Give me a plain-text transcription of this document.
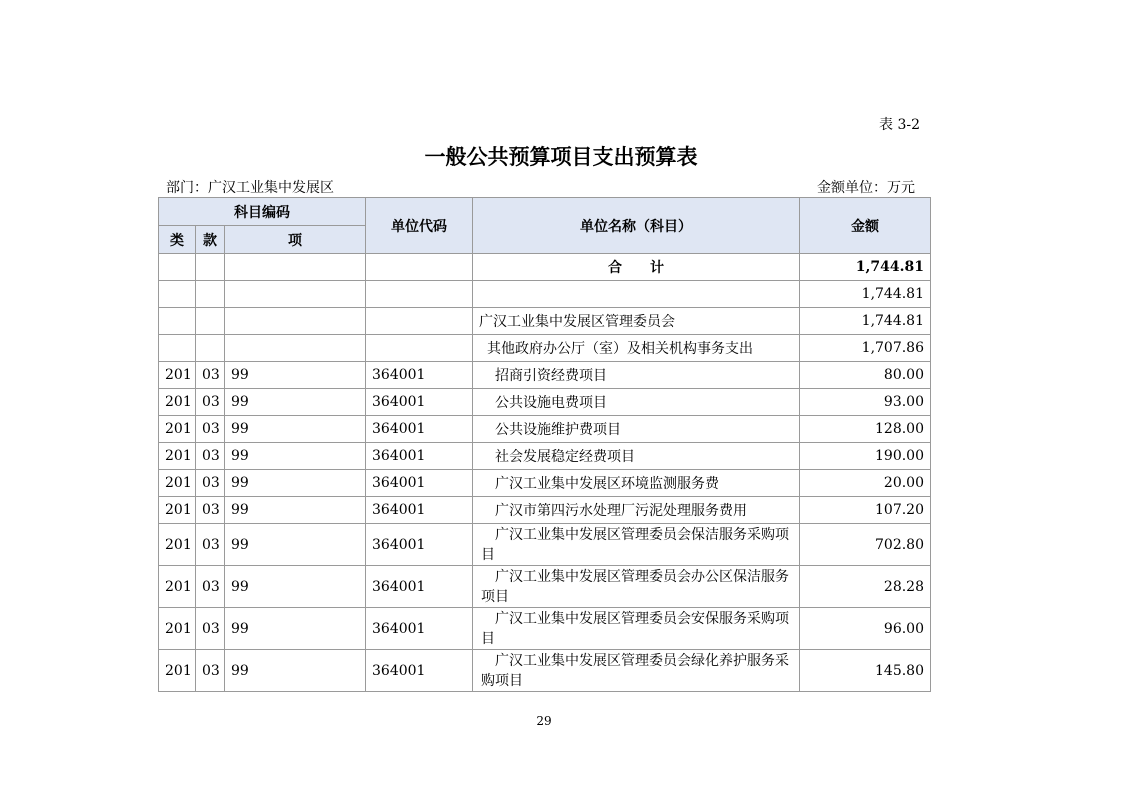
表 3-2
一般公共预算项目支出预算表
部门：广汉工业集中发展区	金额单位：万元
科目编码			单位代码	单位名称（科目）	金额
类	款	项			
				合　　计	1,744.81
					1,744.81
				广汉工业集中发展区管理委员会	1,744.81
				其他政府办公厅（室）及相关机构事务支出	1,707.86
201	03	99	364001	招商引资经费项目	80.00
201	03	99	364001	公共设施电费项目	93.00
201	03	99	364001	公共设施维护费项目	128.00
201	03	99	364001	社会发展稳定经费项目	190.00
201	03	99	364001	广汉工业集中发展区环境监测服务费	20.00
201	03	99	364001	广汉市第四污水处理厂污泥处理服务费用	107.20
201	03	99	364001	广汉工业集中发展区管理委员会保洁服务采购项目	702.80
201	03	99	364001	广汉工业集中发展区管理委员会办公区保洁服务项目	28.28
201	03	99	364001	广汉工业集中发展区管理委员会安保服务采购项目	96.00
201	03	99	364001	广汉工业集中发展区管理委员会绿化养护服务采购项目	145.80
29
